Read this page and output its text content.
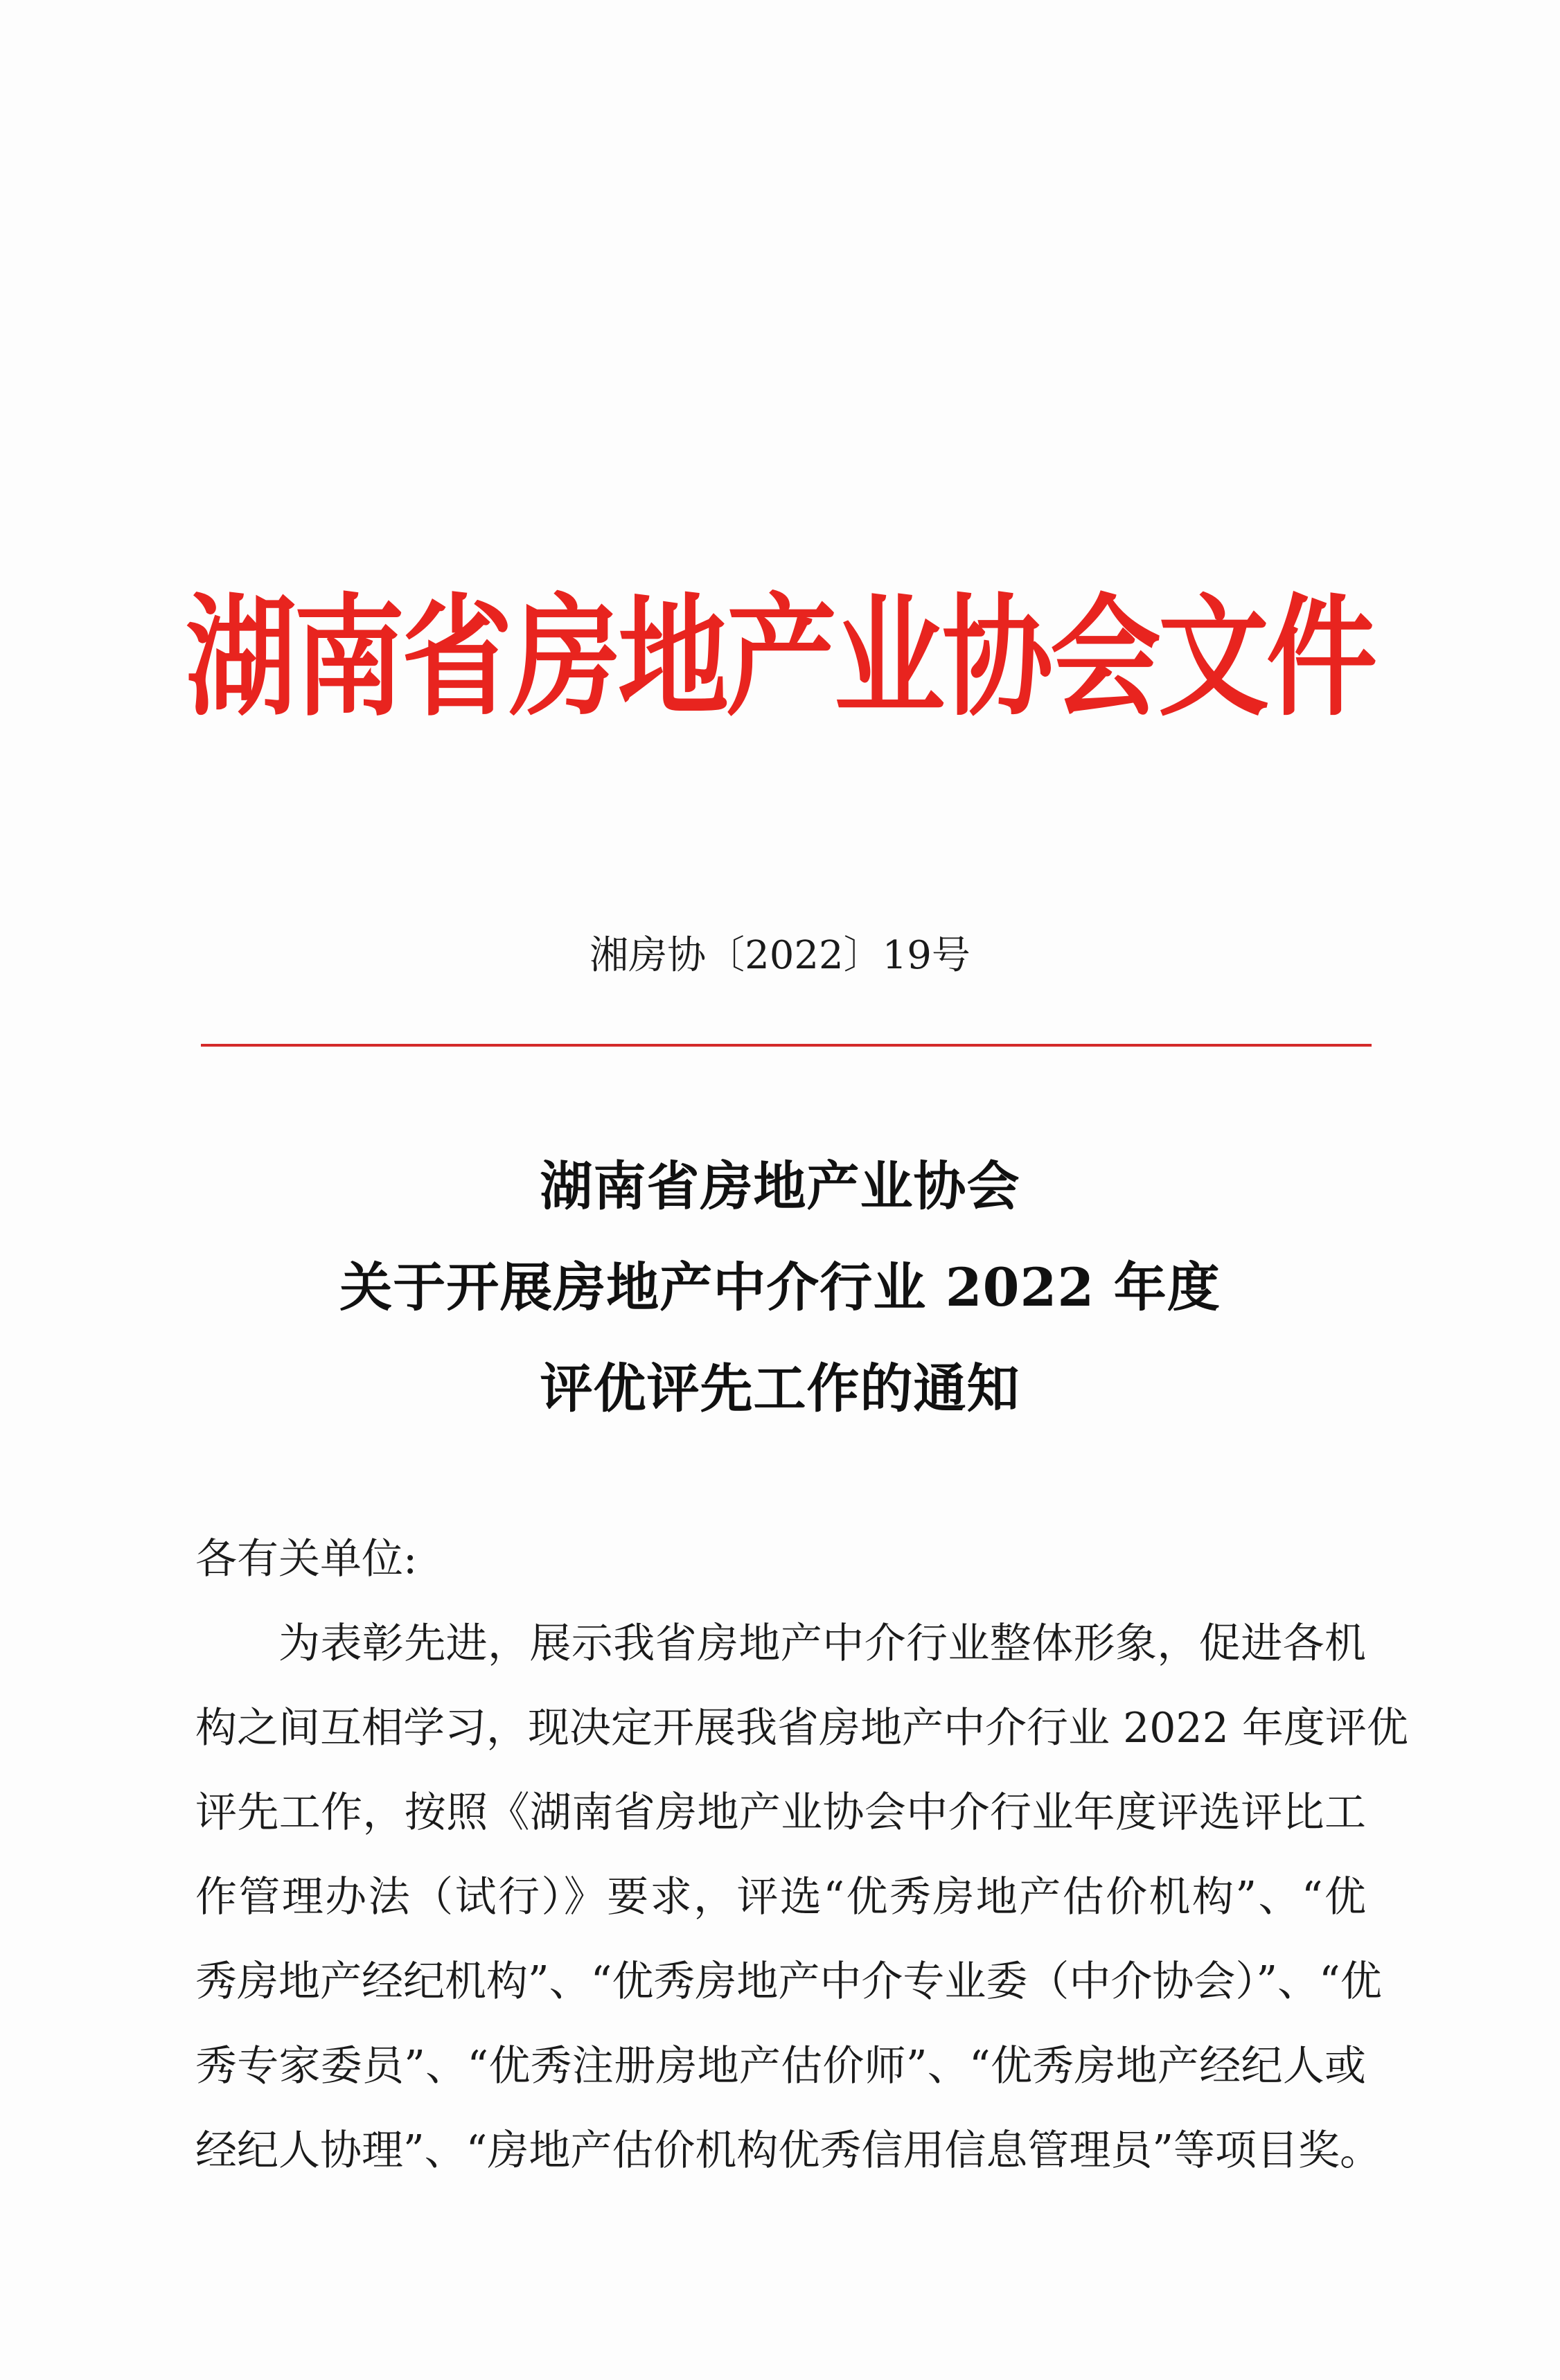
湖南省房地产业协会文件
湘房协〔2022〕19号
湖南省房地产业协会
关于开展房地产中介行业 2022 年度
评优评先工作的通知
各有关单位:
为表彰先进，展示我省房地产中介行业整体形象，促进各机
构之间互相学习，现决定开展我省房地产中介行业 2022 年度评优
评先工作，按照《湖南省房地产业协会中介行业年度评选评比工
作管理办法（试行）》要求，评选“优秀房地产估价机构”、“优
秀房地产经纪机构”、“优秀房地产中介专业委（中介协会）”、“优
秀专家委员”、“优秀注册房地产估价师”、“优秀房地产经纪人或
经纪人协理”、“房地产估价机构优秀信用信息管理员”等项目奖。
